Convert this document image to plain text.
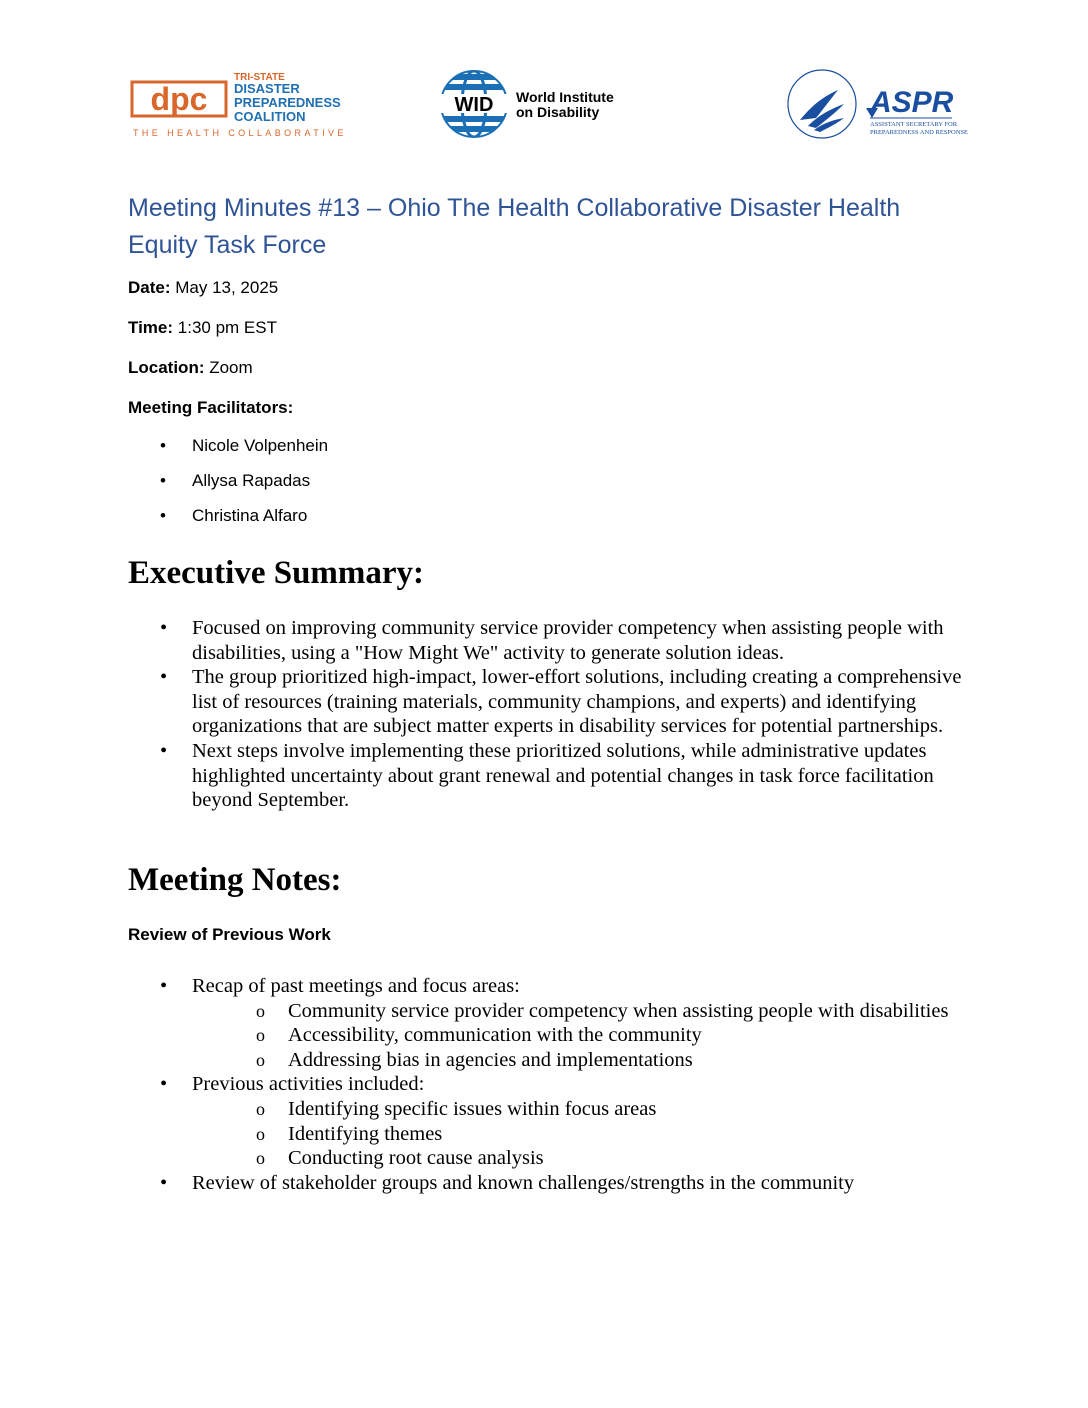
dpc
TRI-STATE
DISASTER
PREPAREDNESS
COALITION
THE HEALTH COLLABORATIVE
WID World Institute
on Disability	ASPR
ASSISTANT SECRETARY FOR
PREPAREDNESS AND RESPONSE
Meeting Minutes #13 – Ohio The Health Collaborative Disaster Health Equity Task Force
Date: May 13, 2025
Time: 1:30 pm EST
Location: Zoom
Meeting Facilitators:
• Nicole Volpenhein
• Allysa Rapadas
• Christina Alfaro
Executive Summary:
• Focused on improving community service provider competency when assisting people with disabilities, using a "How Might We" activity to generate solution ideas.
• The group prioritized high-impact, lower-effort solutions, including creating a comprehensive list of resources (training materials, community champions, and experts) and identifying organizations that are subject matter experts in disability services for potential partnerships.
• Next steps involve implementing these prioritized solutions, while administrative updates highlighted uncertainty about grant renewal and potential changes in task force facilitation beyond September.
Meeting Notes:
Review of Previous Work
• Recap of past meetings and focus areas:
o Community service provider competency when assisting people with disabilities
o Accessibility, communication with the community
o Addressing bias in agencies and implementations
• Previous activities included:
o Identifying specific issues within focus areas
o Identifying themes
o Conducting root cause analysis
• Review of stakeholder groups and known challenges/strengths in the community
